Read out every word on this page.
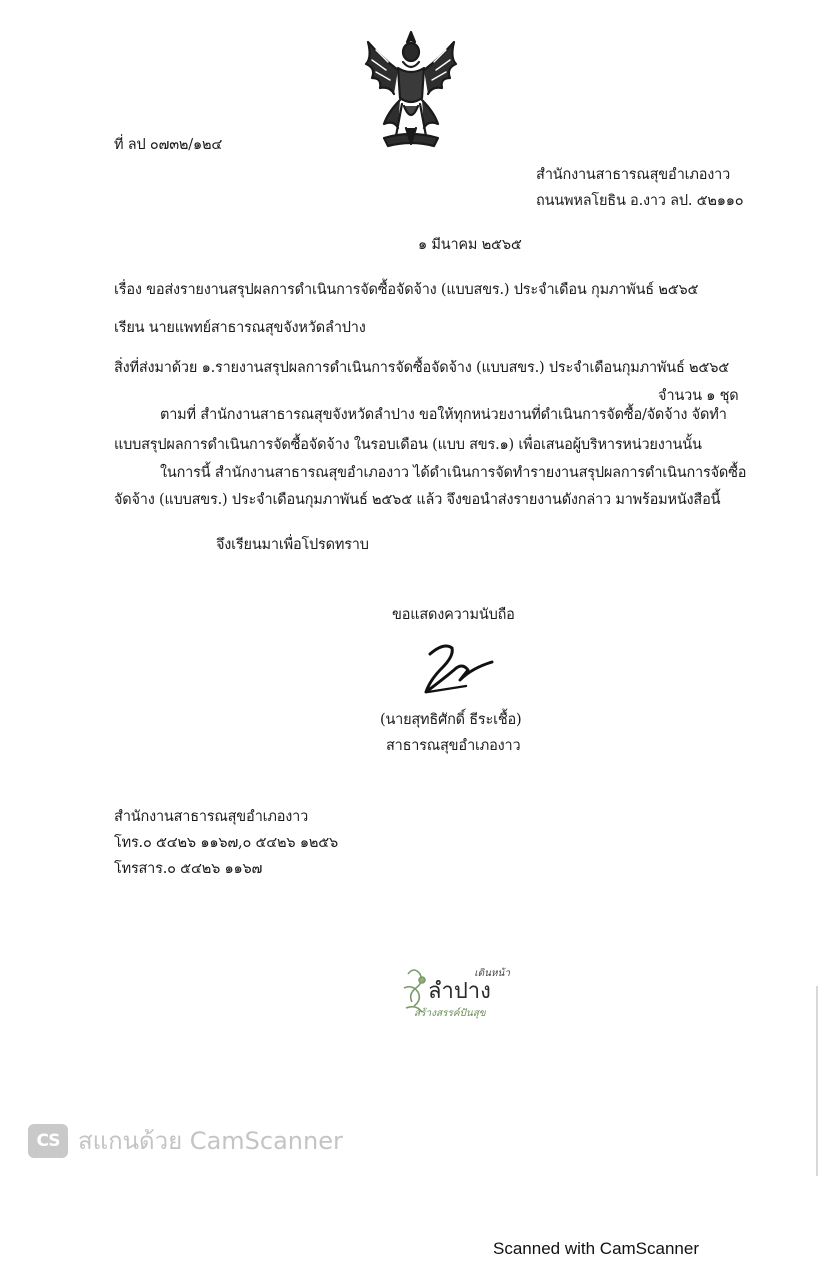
ที่ ลป ๐๗๓๒/๑๒๔
สำนักงานสาธารณสุขอำเภองาว
ถนนพหลโยธิน อ.งาว ลป. ๕๒๑๑๐
๑ มีนาคม ๒๕๖๕
เรื่อง ขอส่งรายงานสรุปผลการดำเนินการจัดซื้อจัดจ้าง (แบบสขร.) ประจำเดือน กุมภาพันธ์ ๒๕๖๕
เรียน นายแพทย์สาธารณสุขจังหวัดลำปาง
สิ่งที่ส่งมาด้วย ๑.รายงานสรุปผลการดำเนินการจัดซื้อจัดจ้าง (แบบสขร.) ประจำเดือนกุมภาพันธ์ ๒๕๖๕
จำนวน ๑ ชุด
ตามที่ สำนักงานสาธารณสุขจังหวัดลำปาง ขอให้ทุกหน่วยงานที่ดำเนินการจัดซื้อ/จัดจ้าง จัดทำ
แบบสรุปผลการดำเนินการจัดซื้อจัดจ้าง ในรอบเดือน (แบบ สขร.๑) เพื่อเสนอผู้บริหารหน่วยงานนั้น
ในการนี้ สำนักงานสาธารณสุขอำเภองาว ได้ดำเนินการจัดทำรายงานสรุปผลการดำเนินการจัดซื้อ
จัดจ้าง (แบบสขร.) ประจำเดือนกุมภาพันธ์ ๒๕๖๕ แล้ว จึงขอนำส่งรายงานดังกล่าว มาพร้อมหนังสือนี้
จึงเรียนมาเพื่อโปรดทราบ
ขอแสดงความนับถือ
(นายสุทธิศักดิ์ ธีระเชื้อ)
สาธารณสุขอำเภองาว
สำนักงานสาธารณสุขอำเภองาว
โทร.๐ ๕๔๒๖ ๑๑๖๗,๐ ๕๔๒๖ ๑๒๕๖
โทรสาร.๐ ๕๔๒๖ ๑๑๖๗
เดินหน้า
ลำปาง
สร้างสรรค์ปันสุข
CS สแกนด้วย CamScanner
Scanned with CamScanner
